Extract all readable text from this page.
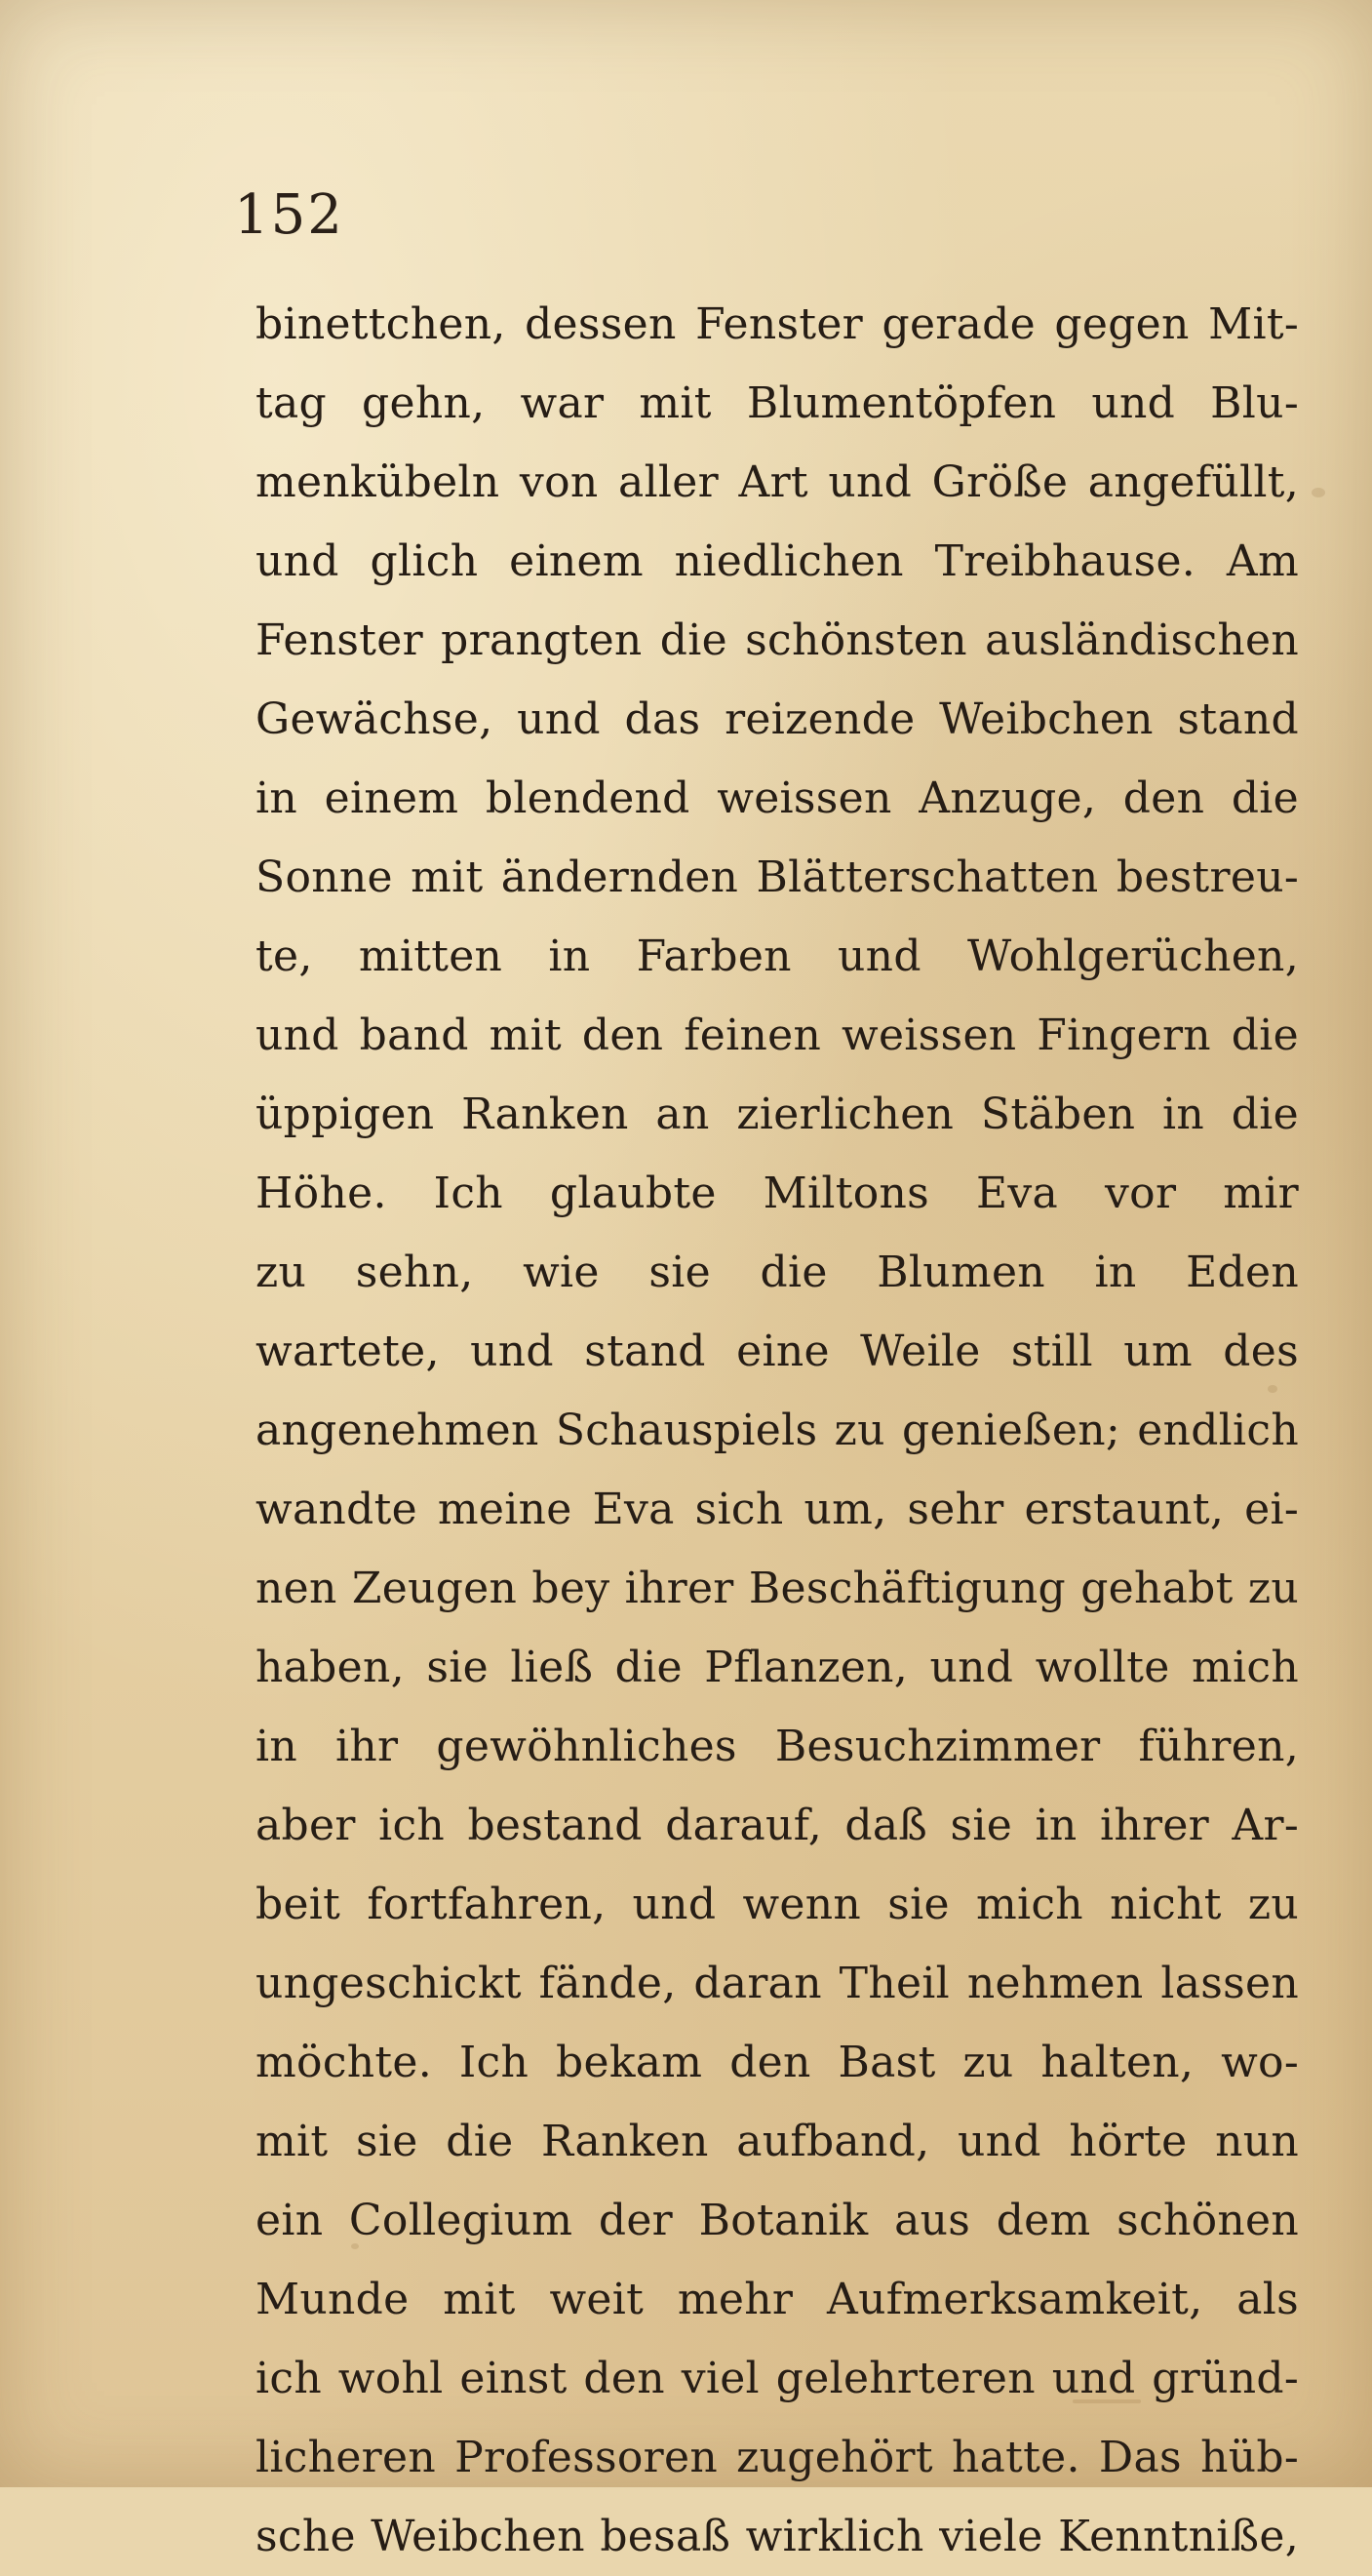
152
binettchen, dessen Fenster gerade gegen Mit-
tag gehn, war mit Blumentöpfen und Blu-
menkübeln von aller Art und Größe angefüllt,
und glich einem niedlichen Treibhause. Am
Fenster prangten die schönsten ausländischen
Gewächse, und das reizende Weibchen stand
in einem blendend weissen Anzuge, den die
Sonne mit ändernden Blätterschatten bestreu-
te, mitten in Farben und Wohlgerüchen,
und band mit den feinen weissen Fingern die
üppigen Ranken an zierlichen Stäben in die
Höhe. Ich glaubte Miltons Eva vor mir
zu sehn, wie sie die Blumen in Eden
wartete, und stand eine Weile still um des
angenehmen Schauspiels zu genießen; endlich
wandte meine Eva sich um, sehr erstaunt, ei-
nen Zeugen bey ihrer Beschäftigung gehabt zu
haben, sie ließ die Pflanzen, und wollte mich
in ihr gewöhnliches Besuchzimmer führen,
aber ich bestand darauf, daß sie in ihrer Ar-
beit fortfahren, und wenn sie mich nicht zu
ungeschickt fände, daran Theil nehmen lassen
möchte. Ich bekam den Bast zu halten, wo-
mit sie die Ranken aufband, und hörte nun
ein Collegium der Botanik aus dem schönen
Munde mit weit mehr Aufmerksamkeit, als
ich wohl einst den viel gelehrteren und gründ-
licheren Professoren zugehört hatte. Das hüb-
sche Weibchen besaß wirklich viele Kenntniße,
